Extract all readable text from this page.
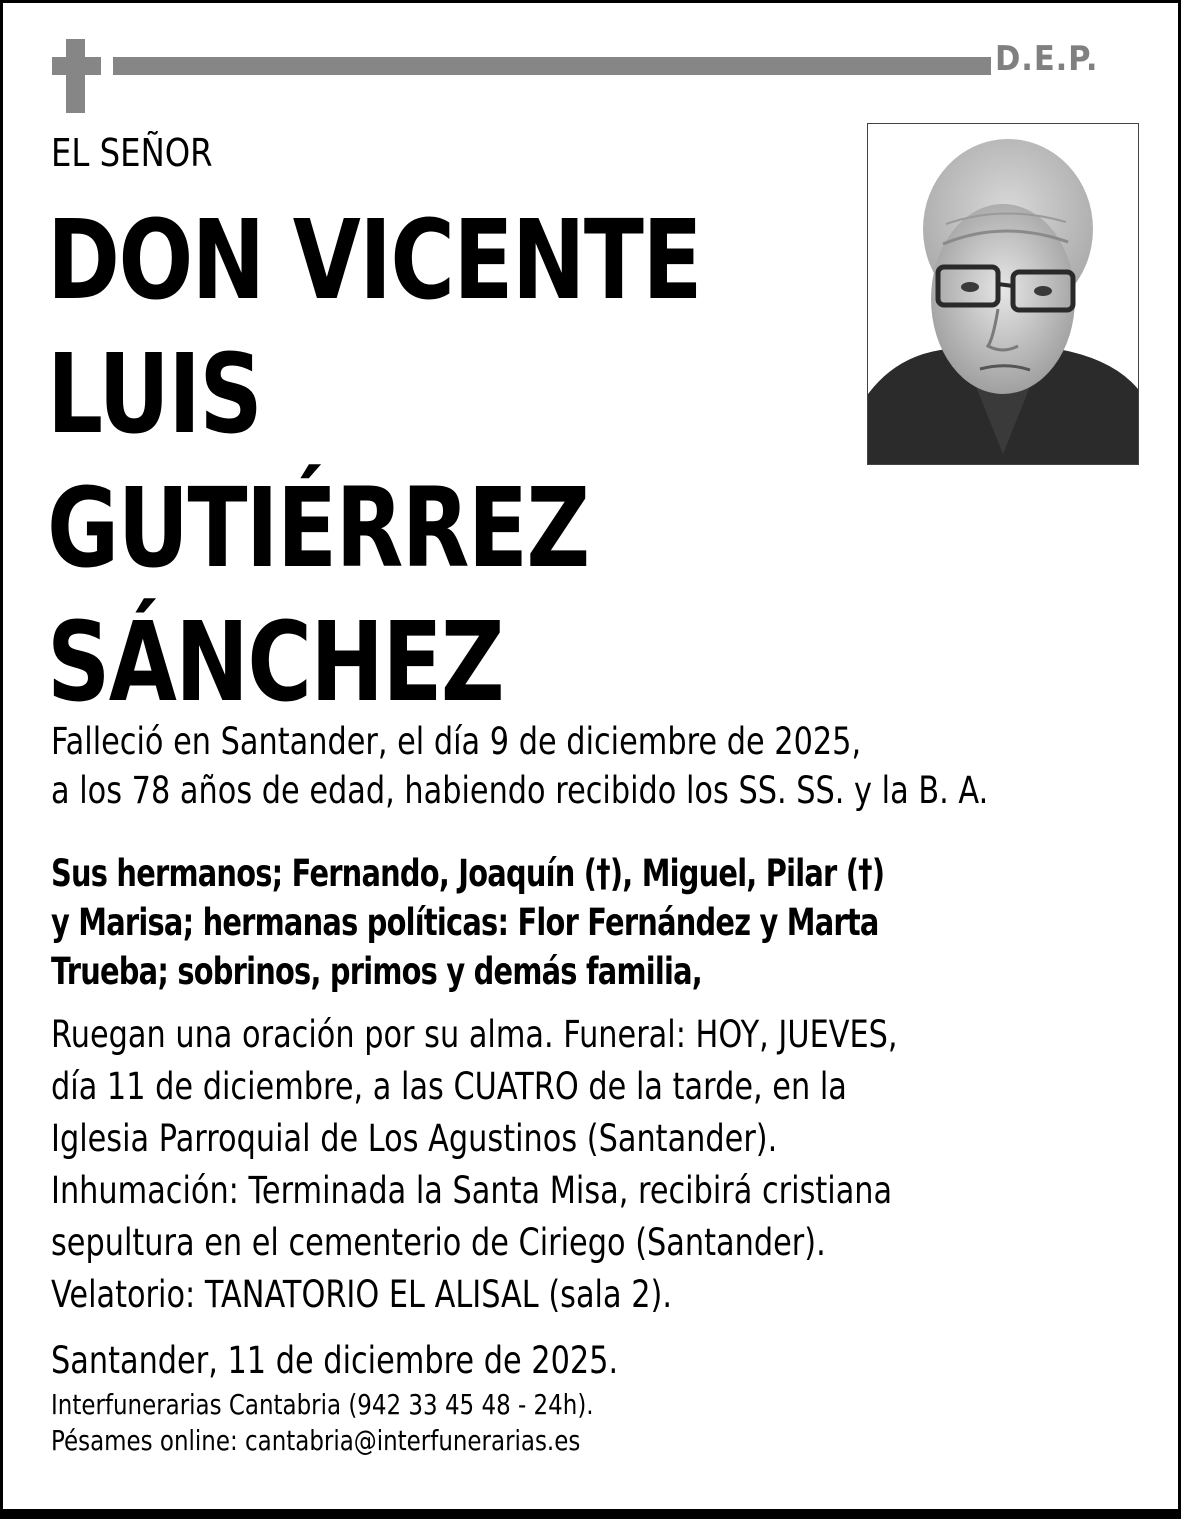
D.E.P.
EL SEÑOR
DON VICENTE
LUIS
GUTIÉRREZ
SÁNCHEZ
Falleció en Santander, el día 9 de diciembre de 2025,
a los 78 años de edad, habiendo recibido los SS. SS. y la B. A.
Sus hermanos; Fernando, Joaquín (†), Miguel, Pilar (†)
y Marisa; hermanas políticas: Flor Fernández y Marta
Trueba; sobrinos, primos y demás familia,
Ruegan una oración por su alma. Funeral: HOY, JUEVES,
día 11 de diciembre, a las CUATRO de la tarde, en la
Iglesia Parroquial de Los Agustinos (Santander).
Inhumación: Terminada la Santa Misa, recibirá cristiana
sepultura en el cementerio de Ciriego (Santander).
Velatorio: TANATORIO EL ALISAL (sala 2).
Santander, 11 de diciembre de 2025.
Interfunerarias Cantabria (942 33 45 48 - 24h).
Pésames online: cantabria@interfunerarias.es
